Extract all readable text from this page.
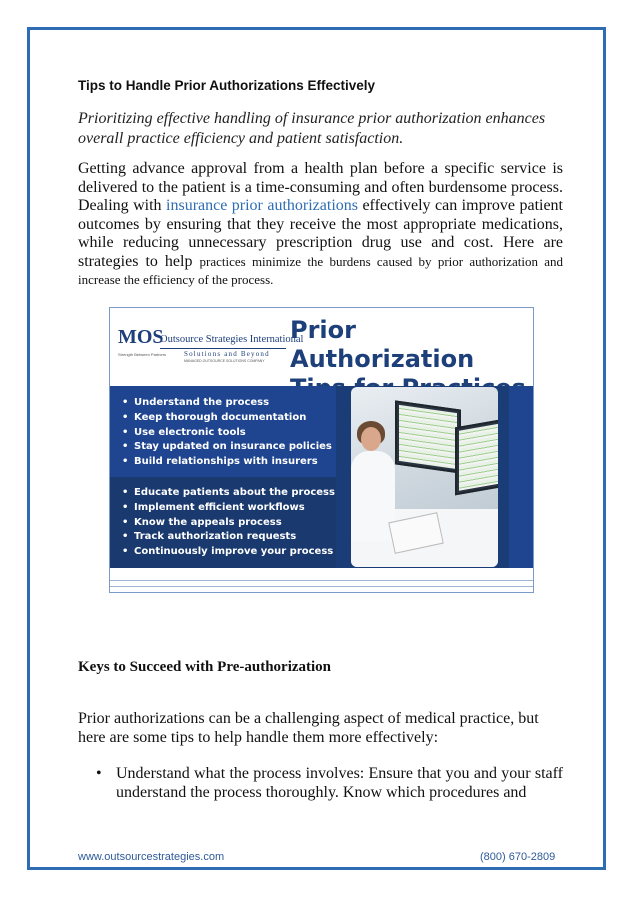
Tips to Handle Prior Authorizations Effectively
Prioritizing effective handling of insurance prior authorization enhances overall practice efficiency and patient satisfaction.
Getting advance approval from a health plan before a specific service is delivered to the patient is a time-consuming and often burdensome process. Dealing with insurance prior authorizations effectively can improve patient outcomes by ensuring that they receive the most appropriate medications, while reducing unnecessary prescription drug use and cost. Here are strategies to help practices minimize the burdens caused by prior authorization and increase the efficiency of the process.
MOS
Strength Between Partners
Outsource Strategies International
Solutions and Beyond
MANAGED OUTSOURCE SOLUTIONS COMPANY
Prior Authorization
• Understand the process
• Keep thorough documentation
• Use electronic tools
• Stay updated on insurance policies
• Build relationships with insurers
• Educate patients about the process
• Implement efficient workflows
• Know the appeals process
• Track authorization requests
• Continuously improve your process
Keys to Succeed with Pre-authorization
Prior authorizations can be a challenging aspect of medical practice, but here are some tips to help handle them more effectively:
• Understand what the process involves: Ensure that you and your staff understand the process thoroughly. Know which procedures and
www.outsourcestrategies.com	(800) 670-2809
